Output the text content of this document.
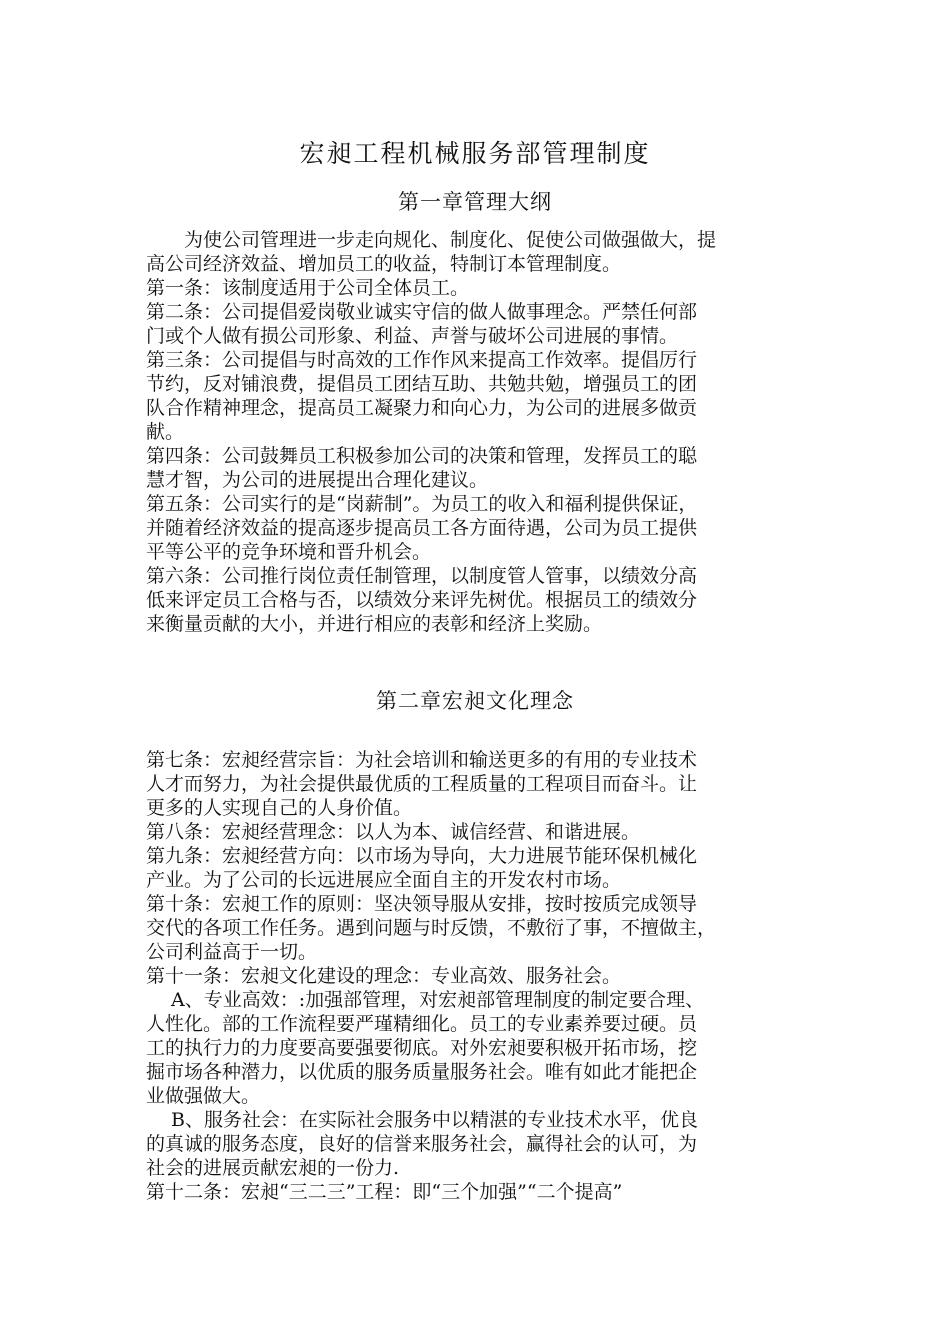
宏昶工程机械服务部管理制度
第一章管理大纲
　　为使公司管理进一步走向规化、制度化、促使公司做强做大，提
高公司经济效益、增加员工的收益，特制订本管理制度。
第一条：该制度适用于公司全体员工。
第二条：公司提倡爱岗敬业诚实守信的做人做事理念。严禁任何部
门或个人做有损公司形象、利益、声誉与破坏公司进展的事情。
第三条：公司提倡与时高效的工作作风来提高工作效率。提倡厉行
节约，反对铺浪费，提倡员工团结互助、共勉共勉，增强员工的团
队合作精神理念，提高员工凝聚力和向心力，为公司的进展多做贡
献。
第四条：公司鼓舞员工积极参加公司的决策和管理，发挥员工的聪
慧才智，为公司的进展提出合理化建议。
第五条：公司实行的是“岗薪制”。为员工的收入和福利提供保证，
并随着经济效益的提高逐步提高员工各方面待遇，公司为员工提供
平等公平的竞争环境和晋升机会。
第六条：公司推行岗位责任制管理，以制度管人管事，以绩效分高
低来评定员工合格与否，以绩效分来评先树优。根据员工的绩效分
来衡量贡献的大小，并进行相应的表彰和经济上奖励。
第二章宏昶文化理念
第七条：宏昶经营宗旨：为社会培训和输送更多的有用的专业技术
人才而努力，为社会提供最优质的工程质量的工程项目而奋斗。让
更多的人实现自己的人身价值。
第八条：宏昶经营理念：以人为本、诚信经营、和谐进展。
第九条：宏昶经营方向：以市场为导向，大力进展节能环保机械化
产业。为了公司的长远进展应全面自主的开发农村市场。
第十条：宏昶工作的原则：坚决领导服从安排，按时按质完成领导
交代的各项工作任务。遇到问题与时反馈，不敷衍了事，不擅做主，
公司利益高于一切。
第十一条：宏昶文化建设的理念：专业高效、服务社会。
　 A、专业高效：:加强部管理，对宏昶部管理制度的制定要合理、
人性化。部的工作流程要严瑾精细化。员工的专业素养要过硬。员
工的执行力的力度要高要强要彻底。对外宏昶要积极开拓市场，挖
掘市场各种潜力，以优质的服务质量服务社会。唯有如此才能把企
业做强做大。
　 B、服务社会：在实际社会服务中以精湛的专业技术水平，优良
的真诚的服务态度，良好的信誉来服务社会，赢得社会的认可，为
社会的进展贡献宏昶的一份力.
第十二条：宏昶“三二三”工程：即“三个加强”“二个提高”
